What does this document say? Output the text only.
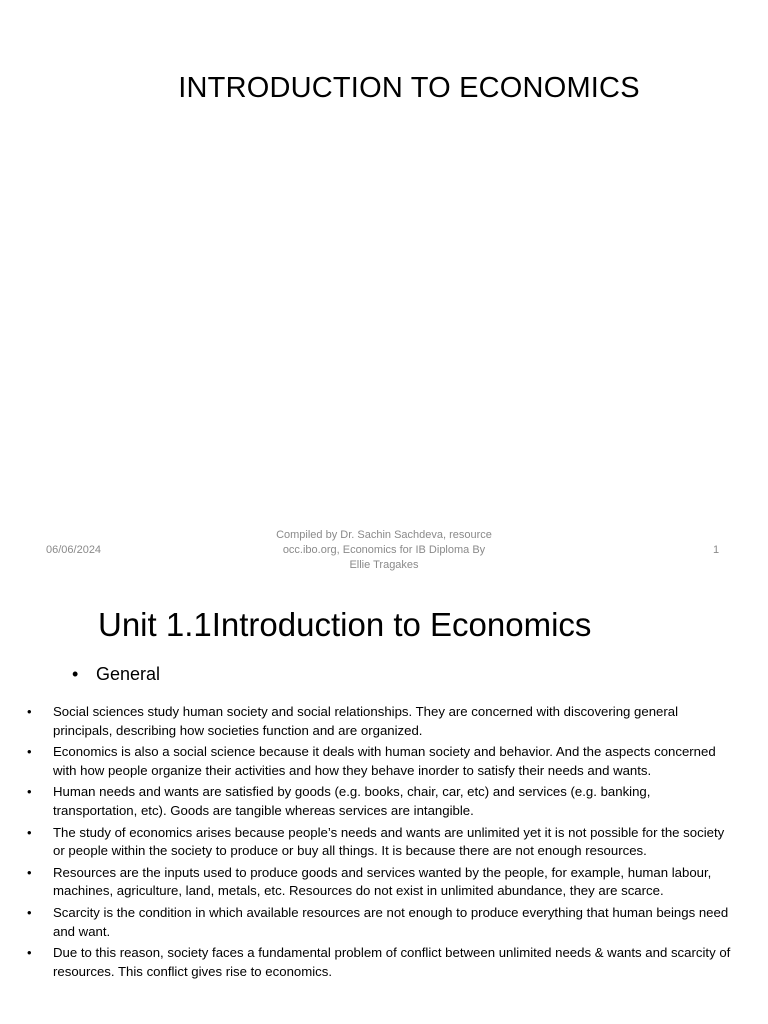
INTRODUCTION TO ECONOMICS
06/06/2024
Compiled by Dr. Sachin Sachdeva, resource
occ.ibo.org, Economics for IB Diploma By
Ellie Tragakes
1
Unit 1.1Introduction to Economics
• General
• Social sciences study human society and social relationships. They are concerned with discovering general principals, describing how societies function and are organized.
• Economics is also a social science because it deals with human society and behavior. And the aspects concerned with how people organize their activities and how they behave inorder to satisfy their needs and wants.
• Human needs and wants are satisfied by goods (e.g. books, chair, car, etc) and services (e.g. banking, transportation, etc). Goods are tangible whereas services are intangible.
• The study of economics arises because people’s needs and wants are unlimited yet it is not possible for the society or people within the society to produce or buy all things. It is because there are not enough resources.
• Resources are the inputs used to produce goods and services wanted by the people, for example, human labour, machines, agriculture, land, metals, etc. Resources do not exist in unlimited abundance, they are scarce.
• Scarcity is the condition in which available resources are not enough to produce everything that human beings need and want.
• Due to this reason, society faces a fundamental problem of conflict between unlimited needs & wants and scarcity of resources. This conflict gives rise to economics.
